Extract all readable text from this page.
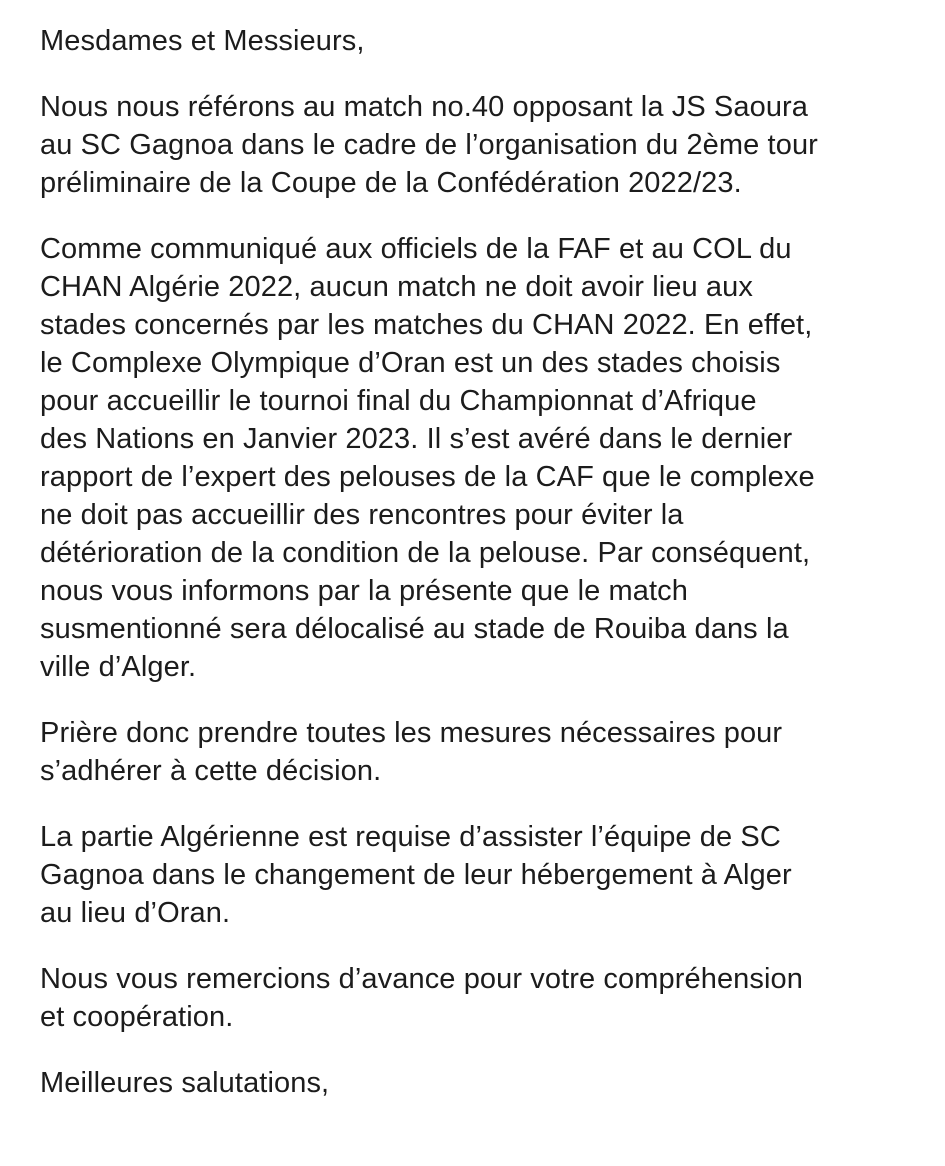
Mesdames et Messieurs,

Nous nous référons au match no.40 opposant la JS Saoura
au SC Gagnoa dans le cadre de l’organisation du 2ème tour
préliminaire de la Coupe de la Confédération 2022/23.

Comme communiqué aux officiels de la FAF et au COL du
CHAN Algérie 2022, aucun match ne doit avoir lieu aux
stades concernés par les matches du CHAN 2022. En effet,
le Complexe Olympique d’Oran est un des stades choisis
pour accueillir le tournoi final du Championnat d’Afrique
des Nations en Janvier 2023. Il s’est avéré dans le dernier
rapport de l’expert des pelouses de la CAF que le complexe
ne doit pas accueillir des rencontres pour éviter la
détérioration de la condition de la pelouse. Par conséquent,
nous vous informons par la présente que le match
susmentionné sera délocalisé au stade de Rouiba dans la
ville d’Alger.

Prière donc prendre toutes les mesures nécessaires pour
s’adhérer à cette décision.

La partie Algérienne est requise d’assister l’équipe de SC
Gagnoa dans le changement de leur hébergement à Alger
au lieu d’Oran.

Nous vous remercions d’avance pour votre compréhension
et coopération.

Meilleures salutations,
